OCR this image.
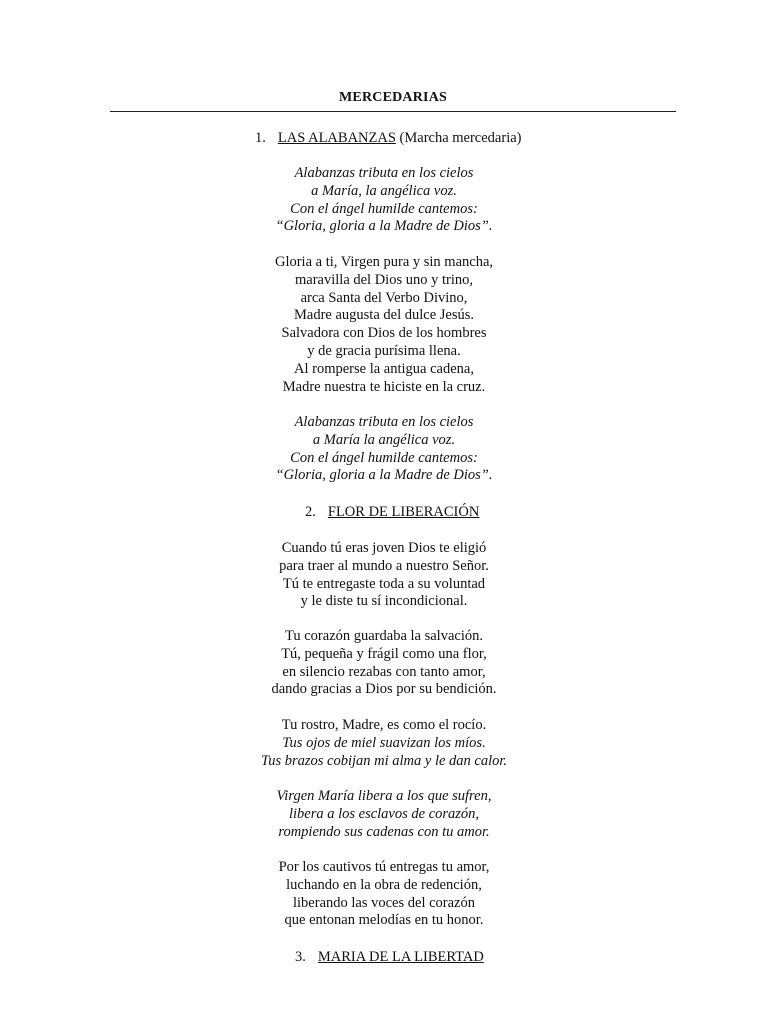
MERCEDARIAS
1. LAS ALABANZAS (Marcha mercedaria)
Alabanzas tributa en los cielos
a María, la angélica voz.
Con el ángel humilde cantemos:
“Gloria, gloria a la Madre de Dios”.
Gloria a ti, Virgen pura y sin mancha,
maravilla del Dios uno y trino,
arca Santa del Verbo Divino,
Madre augusta del dulce Jesús.
Salvadora con Dios de los hombres
y de gracia purísima llena.
Al romperse la antigua cadena,
Madre nuestra te hiciste en la cruz.
Alabanzas tributa en los cielos
a María la angélica voz.
Con el ángel humilde cantemos:
“Gloria, gloria a la Madre de Dios”.
2. FLOR DE LIBERACIÓN
Cuando tú eras joven Dios te eligió
para traer al mundo a nuestro Señor.
Tú te entregaste toda a su voluntad
y le diste tu sí incondicional.
Tu corazón guardaba la salvación.
Tú, pequeña y frágil como una flor,
en silencio rezabas con tanto amor,
dando gracias a Dios por su bendición.
Tu rostro, Madre, es como el rocío.
Tus ojos de miel suavizan los míos.
Tus brazos cobijan mi alma y le dan calor.
Virgen María libera a los que sufren,
libera a los esclavos de corazón,
rompiendo sus cadenas con tu amor.
Por los cautivos tú entregas tu amor,
luchando en la obra de redención,
liberando las voces del corazón
que entonan melodías en tu honor.
3. MARIA DE LA LIBERTAD
